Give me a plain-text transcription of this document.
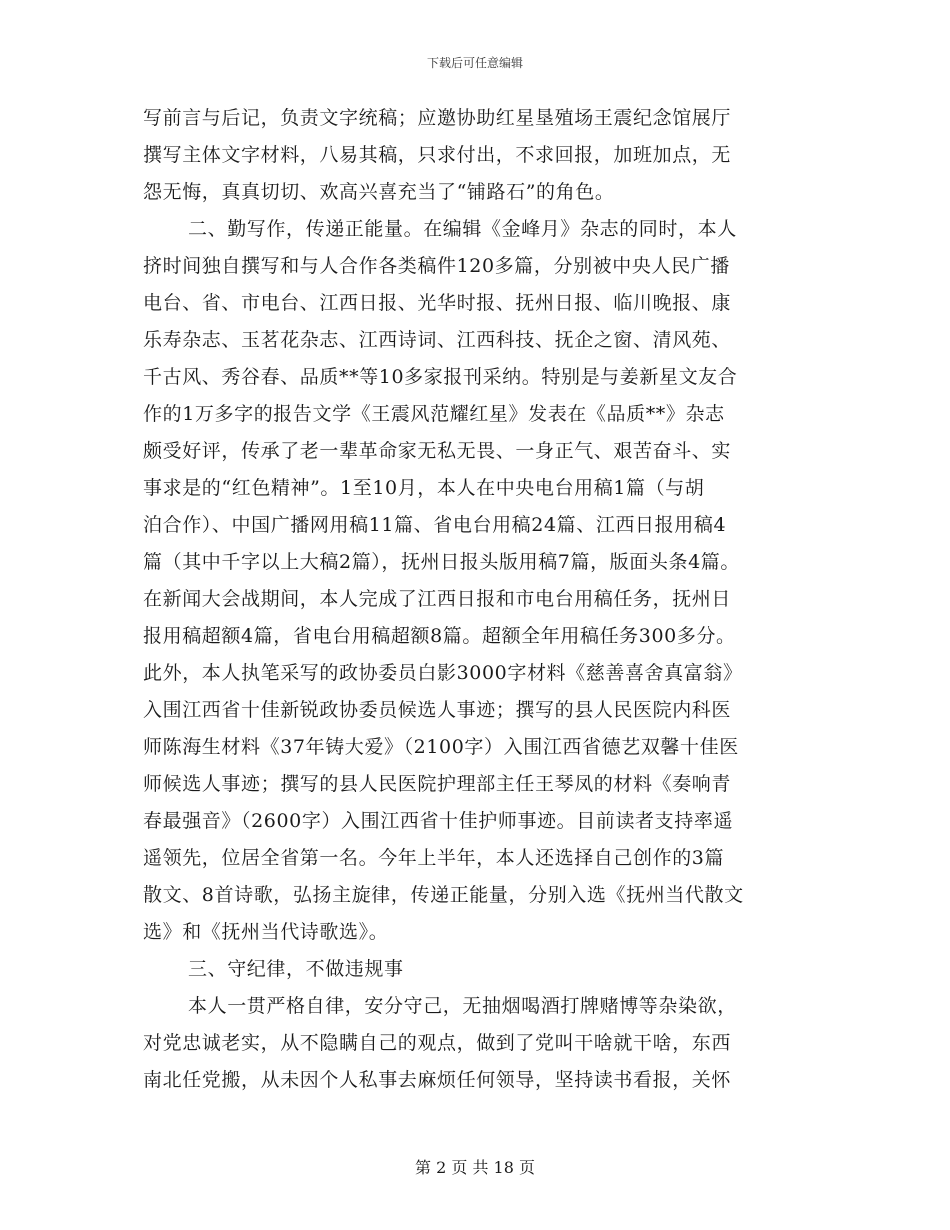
下载后可任意编辑
写前言与后记，负责文字统稿；应邀协助红星垦殖场王震纪念馆展厅
撰写主体文字材料，八易其稿，只求付出，不求回报，加班加点，无
怨无悔，真真切切、欢高兴喜充当了“铺路石”的角色。
二、勤写作，传递正能量。在编辑《金峰月》杂志的同时，本人
挤时间独自撰写和与人合作各类稿件120多篇，分别被中央人民广播
电台、省、市电台、江西日报、光华时报、抚州日报、临川晚报、康
乐寿杂志、玉茗花杂志、江西诗词、江西科技、抚企之窗、清风苑、
千古风、秀谷春、品质**等10多家报刊采纳。特别是与姜新星文友合
作的1万多字的报告文学《王震风范耀红星》发表在《品质**》杂志
颇受好评，传承了老一辈革命家无私无畏、一身正气、艰苦奋斗、实
事求是的“红色精神”。1至10月，本人在中央电台用稿1篇（与胡
泊合作）、中国广播网用稿11篇、省电台用稿24篇、江西日报用稿4
篇（其中千字以上大稿2篇），抚州日报头版用稿7篇，版面头条4篇。
在新闻大会战期间，本人完成了江西日报和市电台用稿任务，抚州日
报用稿超额4篇，省电台用稿超额8篇。超额全年用稿任务300多分。
此外，本人执笔采写的政协委员白影3000字材料《慈善喜舍真富翁》
入围江西省十佳新锐政协委员候选人事迹；撰写的县人民医院内科医
师陈海生材料《37年铸大爱》（2100字）入围江西省德艺双馨十佳医
师候选人事迹；撰写的县人民医院护理部主任王琴凤的材料《奏响青
春最强音》（2600字）入围江西省十佳护师事迹。目前读者支持率遥
遥领先，位居全省第一名。今年上半年，本人还选择自己创作的3篇
散文、8首诗歌，弘扬主旋律，传递正能量，分别入选《抚州当代散文
选》和《抚州当代诗歌选》。
三、守纪律，不做违规事
本人一贯严格自律，安分守己，无抽烟喝酒打牌赌博等杂染欲，
对党忠诚老实，从不隐瞒自己的观点，做到了党叫干啥就干啥，东西
南北任党搬，从未因个人私事去麻烦任何领导，坚持读书看报，关怀
第 2 页 共 18 页
